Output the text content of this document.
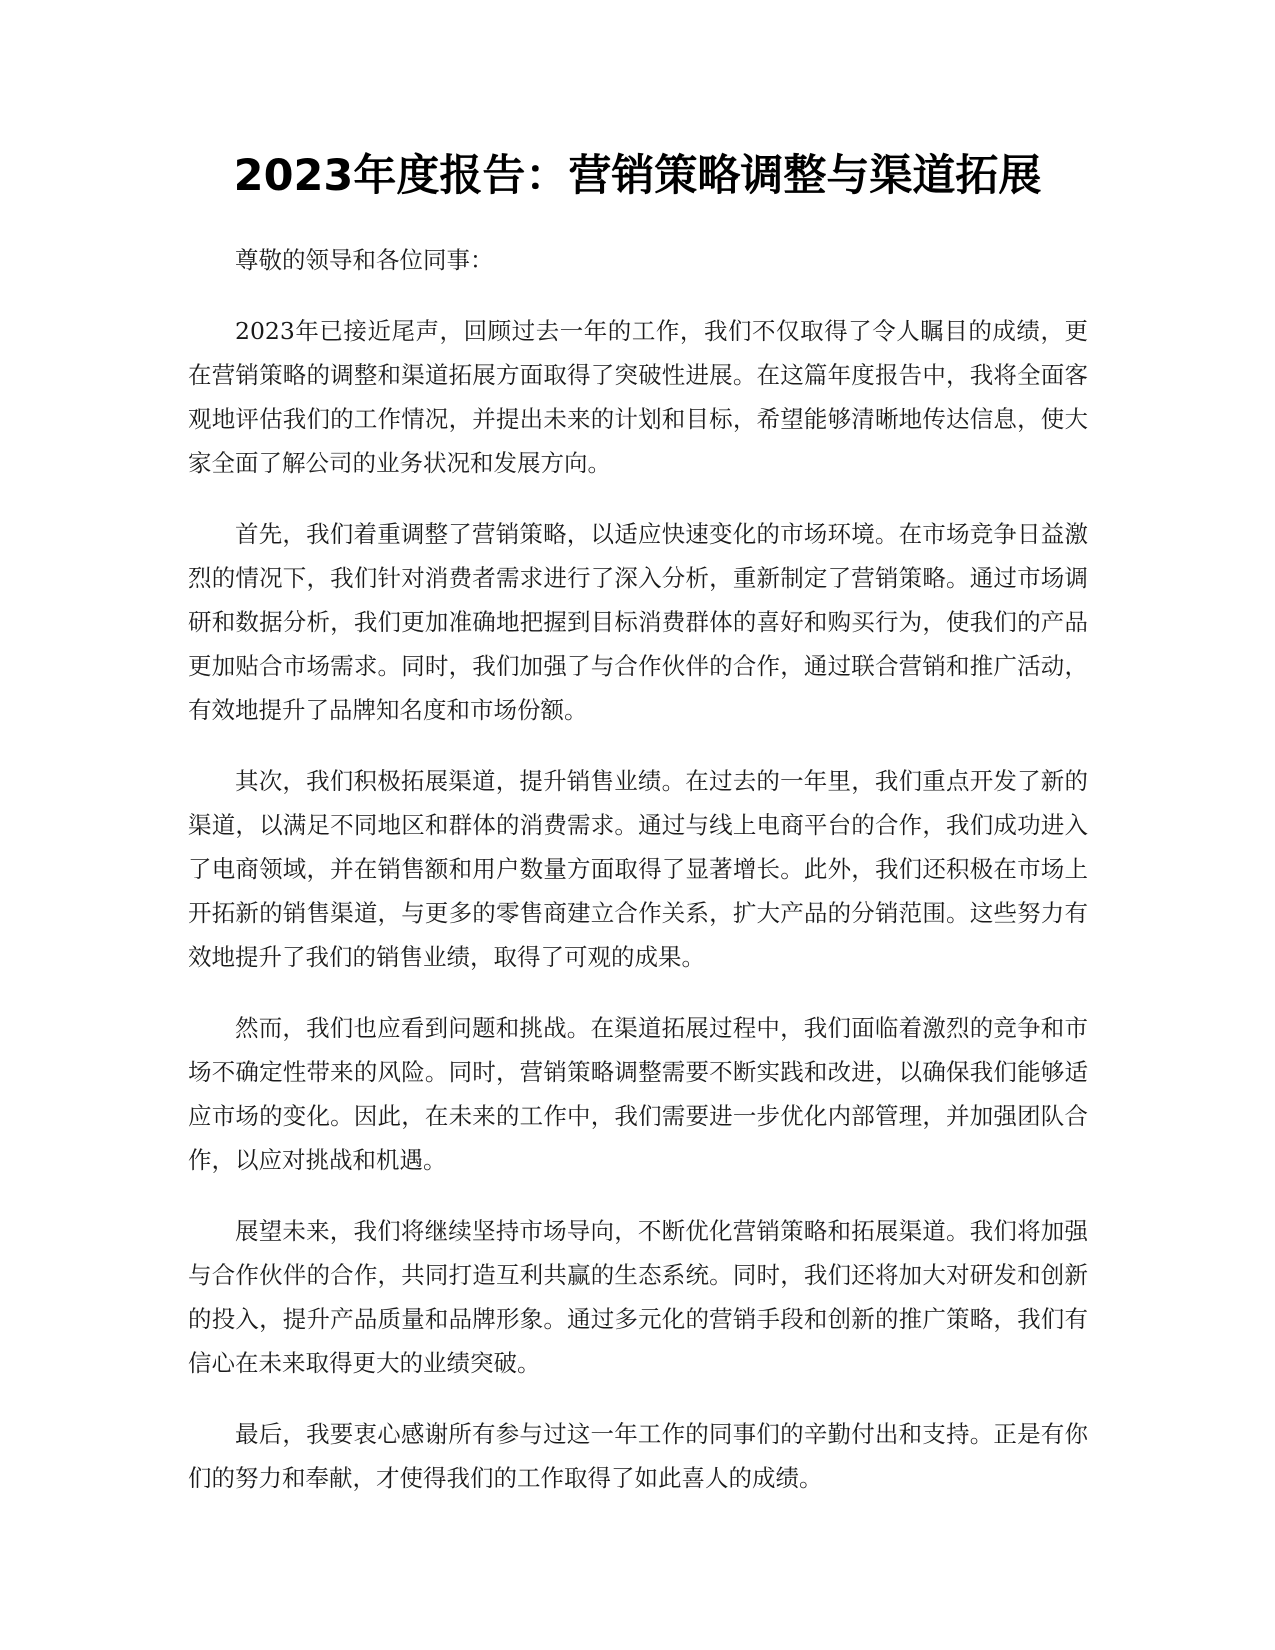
2023年度报告：营销策略调整与渠道拓展

尊敬的领导和各位同事：

2023年已接近尾声，回顾过去一年的工作，我们不仅取得了令人瞩目的成绩，更在营销策略的调整和渠道拓展方面取得了突破性进展。在这篇年度报告中，我将全面客观地评估我们的工作情况，并提出未来的计划和目标，希望能够清晰地传达信息，使大家全面了解公司的业务状况和发展方向。

首先，我们着重调整了营销策略，以适应快速变化的市场环境。在市场竞争日益激烈的情况下，我们针对消费者需求进行了深入分析，重新制定了营销策略。通过市场调研和数据分析，我们更加准确地把握到目标消费群体的喜好和购买行为，使我们的产品更加贴合市场需求。同时，我们加强了与合作伙伴的合作，通过联合营销和推广活动，有效地提升了品牌知名度和市场份额。

其次，我们积极拓展渠道，提升销售业绩。在过去的一年里，我们重点开发了新的渠道，以满足不同地区和群体的消费需求。通过与线上电商平台的合作，我们成功进入了电商领域，并在销售额和用户数量方面取得了显著增长。此外，我们还积极在市场上开拓新的销售渠道，与更多的零售商建立合作关系，扩大产品的分销范围。这些努力有效地提升了我们的销售业绩，取得了可观的成果。

然而，我们也应看到问题和挑战。在渠道拓展过程中，我们面临着激烈的竞争和市场不确定性带来的风险。同时，营销策略调整需要不断实践和改进，以确保我们能够适应市场的变化。因此，在未来的工作中，我们需要进一步优化内部管理，并加强团队合作，以应对挑战和机遇。

展望未来，我们将继续坚持市场导向，不断优化营销策略和拓展渠道。我们将加强与合作伙伴的合作，共同打造互利共赢的生态系统。同时，我们还将加大对研发和创新的投入，提升产品质量和品牌形象。通过多元化的营销手段和创新的推广策略，我们有信心在未来取得更大的业绩突破。

最后，我要衷心感谢所有参与过这一年工作的同事们的辛勤付出和支持。正是有你们的努力和奉献，才使得我们的工作取得了如此喜人的成绩。
